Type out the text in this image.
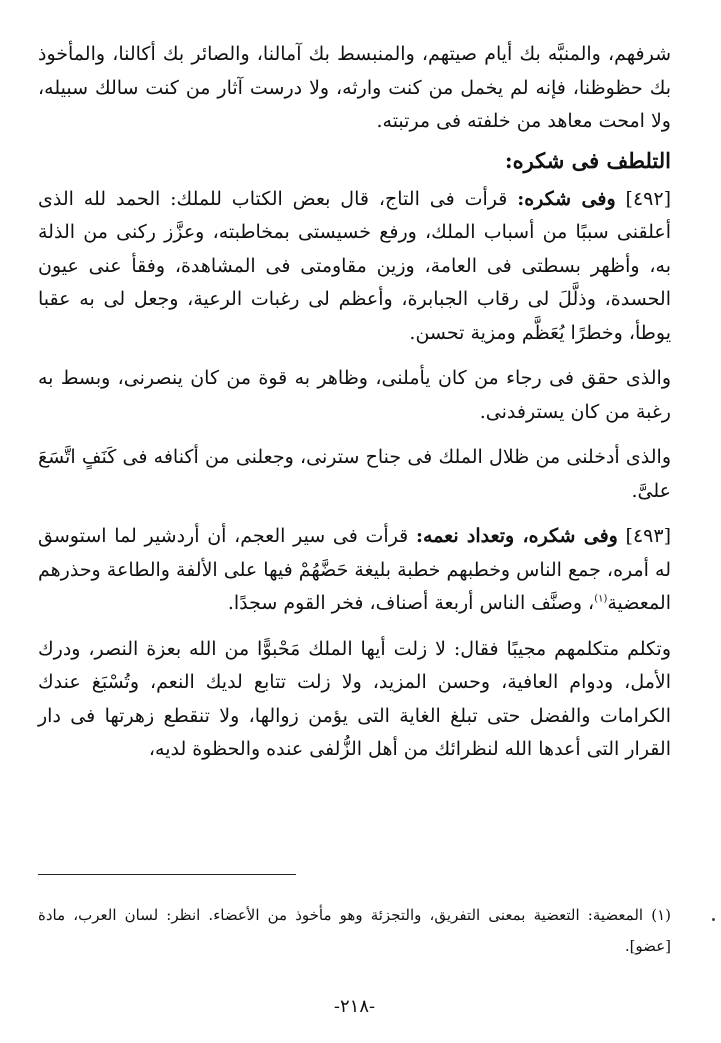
شرفهم، والمنبَّه بك أيام صيتهم، والمنبسط بك آمالنا، والصائر بك أكالنا، والمأخوذ بك حظوظنا، فإنه لم يخمل من كنت وارثه، ولا درست آثار من كنت سالك سبيله، ولا امحت معاهد من خلفته فى مرتبته.

التلطف فى شكره:

[٤٩٢] وفى شكره: قرأت فى التاج، قال بعض الكتاب للملك: الحمد لله الذى أعلقنى سببًا من أسباب الملك، ورفع خسيستى بمخاطبته، وعزَّز ركنى من الذلة به، وأظهر بسطتى فى العامة، وزين مقاومتى فى المشاهدة، وفقأ عنى عيون الحسدة، وذلَّلَ لى رقاب الجبابرة، وأعظم لى رغبات الرعية، وجعل لى به عقبا يوطأ، وخطرًا يُعَظَّم ومزية تحسن.

والذى حقق فى رجاء من كان يأملنى، وظاهر به قوة من كان ينصرنى، وبسط به رغبة من كان يسترفدنى.

والذى أدخلنى من ظلال الملك فى جناح سترنى، وجعلنى من أكنافه فى كَنَفٍ اتَّسَعَ علىَّ.

[٤٩٣] وفى شكره، وتعداد نعمه: قرأت فى سير العجم، أن أردشير لما استوسق له أمره، جمع الناس وخطبهم خطبة بليغة حَضَّهُمْ فيها على الألفة والطاعة وحذرهم المعضية$^{(١)}$، وصنَّف الناس أربعة أصناف، فخر القوم سجدًا.

وتكلم متكلمهم مجيبًا فقال: لا زلت أيها الملك مَحْبوًّا من الله بعزة النصر، ودرك الأمل، ودوام العافية، وحسن المزيد، ولا زلت تتابع لديك النعم، وتُسْبَغ عندك الكرامات والفضل حتى تبلغ الغاية التى يؤمن زوالها، ولا تنقطع زهرتها فى دار القرار التى أعدها الله لنظرائك من أهل الزُّلفى عنده والحظوة لديه،

(١) المعضية: التعضية بمعنى التفريق، والتجزئة وهو مأخوذ من الأعضاء. انظر: لسان العرب، مادة [عضو].

-٢١٨-
